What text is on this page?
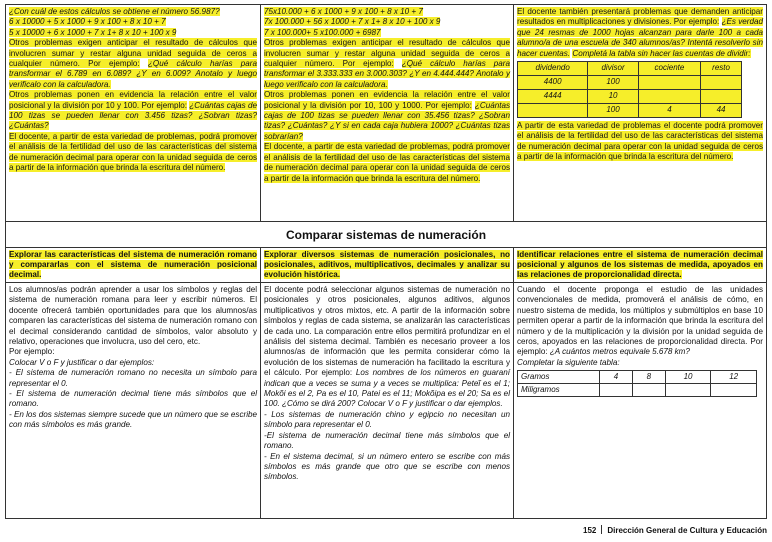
¿Con cuál de estos cálculos se obtiene el número 56.987?

6 x 10000 + 5 x 1000 + 9 x 100 + 8 x 10 + 7

5 x 10000 + 6 x 1000 + 7 x 1+ 8 x 10 + 100 x 9

Otros problemas exigen anticipar el resultado de cálculos que involucren sumar y restar alguna unidad seguida de ceros a cualquier número. Por ejemplo: ¿Qué cálculo harías para transformar el 6.789 en 6.089? ¿Y en 6.009? Anotalo y luego verificalo con la calculadora.

Otros problemas ponen en evidencia la relación entre el valor posicional y la división por 10 y 100. Por ejemplo: ¿Cuántas cajas de 100 tizas se pueden llenar con 3.456 tizas? ¿Sobran tizas? ¿Cuántas?

El docente, a partir de esta variedad de problemas, podrá promover el análisis de la fertilidad del uso de las características del sistema de numeración decimal para operar con la unidad seguida de ceros a partir de la información que brinda la escritura del número.

75x10.000 + 6 x 1000 + 9 x 100 + 8 x 10 + 7

7x 100.000 + 56 x 1000 + 7 x 1+ 8 x 10 + 100 x 9

7 x 100.000+ 5 x100.000 + 6987

Otros problemas exigen anticipar el resultado de cálculos que involucren sumar y restar alguna unidad seguida de ceros a cualquier número. Por ejemplo: ¿Qué cálculo harías para transformar el 3.333.333 en 3.000.303? ¿Y en 4.444.444? Anotalo y luego verificalo con la calculadora.

Otros problemas ponen en evidencia la relación entre el valor posicional y la división por 10, 100 y 1000. Por ejemplo: ¿Cuántas cajas de 100 tizas se pueden llenar con 35.456 tizas? ¿Sobran tizas? ¿Cuántas? ¿Y si en cada caja hubiera 1000? ¿Cuántas tizas sobrarían?

El docente, a partir de esta variedad de problemas, podrá promover el análisis de la fertilidad del uso de las características del sistema de numeración decimal para operar con la unidad seguida de ceros a partir de la información que brinda la escritura del número.

El docente también presentará problemas que demanden anticipar resultados en multiplicaciones y divisiones. Por ejemplo: ¿Es verdad que 24 resmas de 1000 hojas alcanzan para darle 100 a cada alumno/a de una escuela de 340 alumnos/as? Intentá resolverlo sin hacer cuentas. Completá la tabla sin hacer las cuentas de dividir:

dividendo	divisor	cociente	resto
4400	100		
4444	10		
	100	4	44

A partir de esta variedad de problemas el docente podrá promover el análisis de la fertilidad del uso de las características del sistema de numeración decimal para operar con la unidad seguida de ceros a partir de la información que brinda la escritura del número.

Comparar sistemas de numeración
Explorar las características del sistema de numeración romano y compararlas con el sistema de numeración posicional decimal.
Explorar diversos sistemas de numeración posicionales, no posicionales, aditivos, multiplicativos, decimales y analizar su evolución histórica.
Identificar relaciones entre el sistema de numeración decimal posicional y algunos de los sistemas de medida, apoyados en las relaciones de proporcionalidad directa.

Los alumnos/as podrán aprender a usar los símbolos y reglas del sistema de numeración romana para leer y escribir números. El docente ofrecerá también oportunidades para que los alumnos/as comparen las características del sistema de numeración romano con el decimal considerando cantidad de símbolos, valor absoluto y relativo, operaciones que involucra, uso del cero, etc.

Por ejemplo:

Colocar V o F y justificar o dar ejemplos:

- El sistema de numeración romano no necesita un símbolo para representar el 0.

- El sistema de numeración decimal tiene más símbolos que el romano.

- En los dos sistemas siempre sucede que un número que se escribe con más símbolos es más grande.

El docente podrá seleccionar algunos sistemas de numeración no posicionales y otros posicionales, algunos aditivos, algunos multiplicativos y otros mixtos, etc. A partir de la información sobre símbolos y reglas de cada sistema, se analizarán las características de cada uno. La comparación entre ellos permitirá profundizar en el análisis del sistema decimal. También es necesario proveer a los alumnos/as de información que les permita considerar cómo la evolución de los sistemas de numeración ha facilitado la escritura y el cálculo. Por ejemplo: Los nombres de los números en guaraní indican que a veces se suma y a veces se multiplica: Peteĩ es el 1; Mokõi es el 2, Pa es el 10, Patei es el 11; Mokõipa es el 20; Sa es el 100. ¿Cómo se dirá 200? Colocar V o F y justificar o dar ejemplos.

- Los sistemas de numeración chino y egipcio no necesitan un símbolo para representar el 0.

-El sistema de numeración decimal tiene más símbolos que el romano.

- En el sistema decimal, si un número entero se escribe con más símbolos es más grande que otro que se escribe con menos símbolos.

Cuando el docente proponga el estudio de las unidades convencionales de medida, promoverá el análisis de cómo, en nuestro sistema de medida, los múltiplos y submúltiplos en base 10 permiten operar a partir de la información que brinda la escritura del número y de la multiplicación y la división por la unidad seguida de ceros, apoyados en las relaciones de proporcionalidad directa. Por ejemplo: ¿A cuántos metros equivale 5.678 km?

Completar la siguiente tabla:

Gramos	4	8	10	12
Miligramos				
152 Dirección General de Cultura y Educación
